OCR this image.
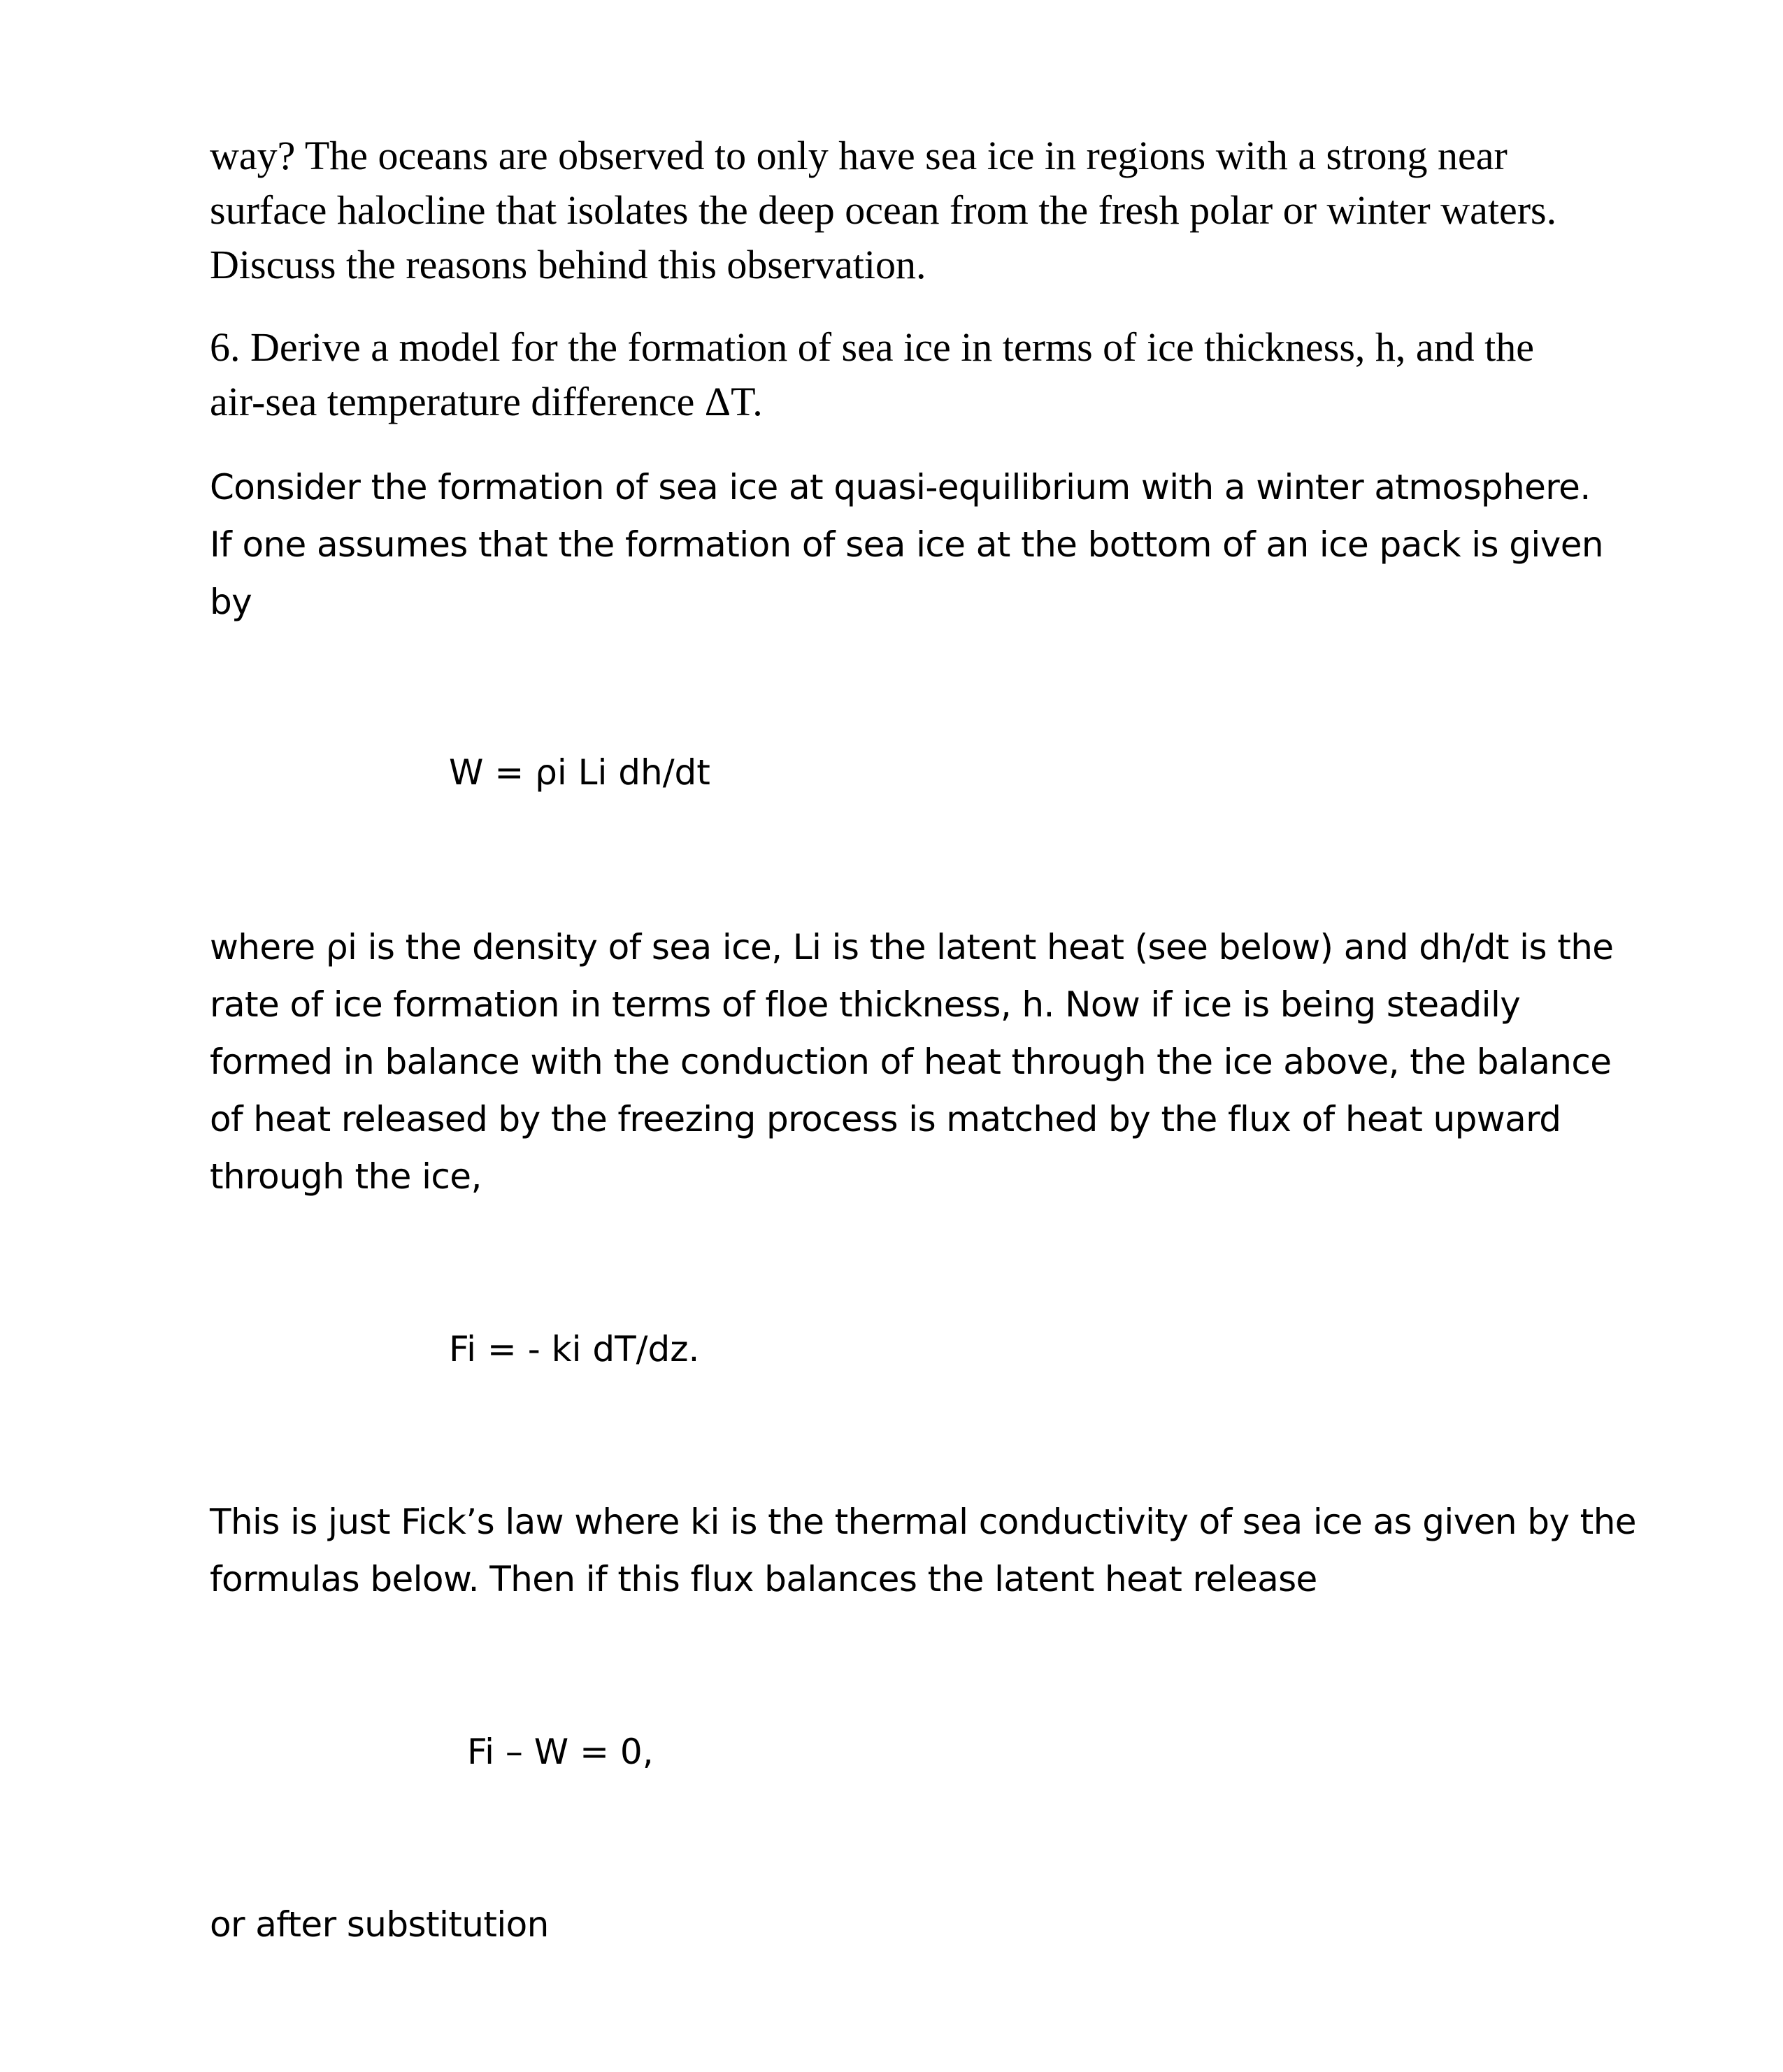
way? The oceans are observed to only have sea ice in regions with a strong near
surface halocline that isolates the deep ocean from the fresh polar or winter waters.
Discuss the reasons behind this observation.
6. Derive a model for the formation of sea ice in terms of ice thickness, h, and the
air-sea temperature difference ΔT.
Consider the formation of sea ice at quasi-equilibrium with a winter atmosphere.
If one assumes that the formation of sea ice at the bottom of an ice pack is given
by
W = ρi Li dh/dt
where ρi is the density of sea ice, Li is the latent heat (see below) and dh/dt is the
rate of ice formation in terms of floe thickness, h. Now if ice is being steadily
formed in balance with the conduction of heat through the ice above, the balance
of heat released by the freezing process is matched by the flux of heat upward
through the ice,
Fi = - ki dT/dz.
This is just Fick’s law where ki is the thermal conductivity of sea ice as given by the
formulas below. Then if this flux balances the latent heat release
Fi – W = 0,
or after substitution
